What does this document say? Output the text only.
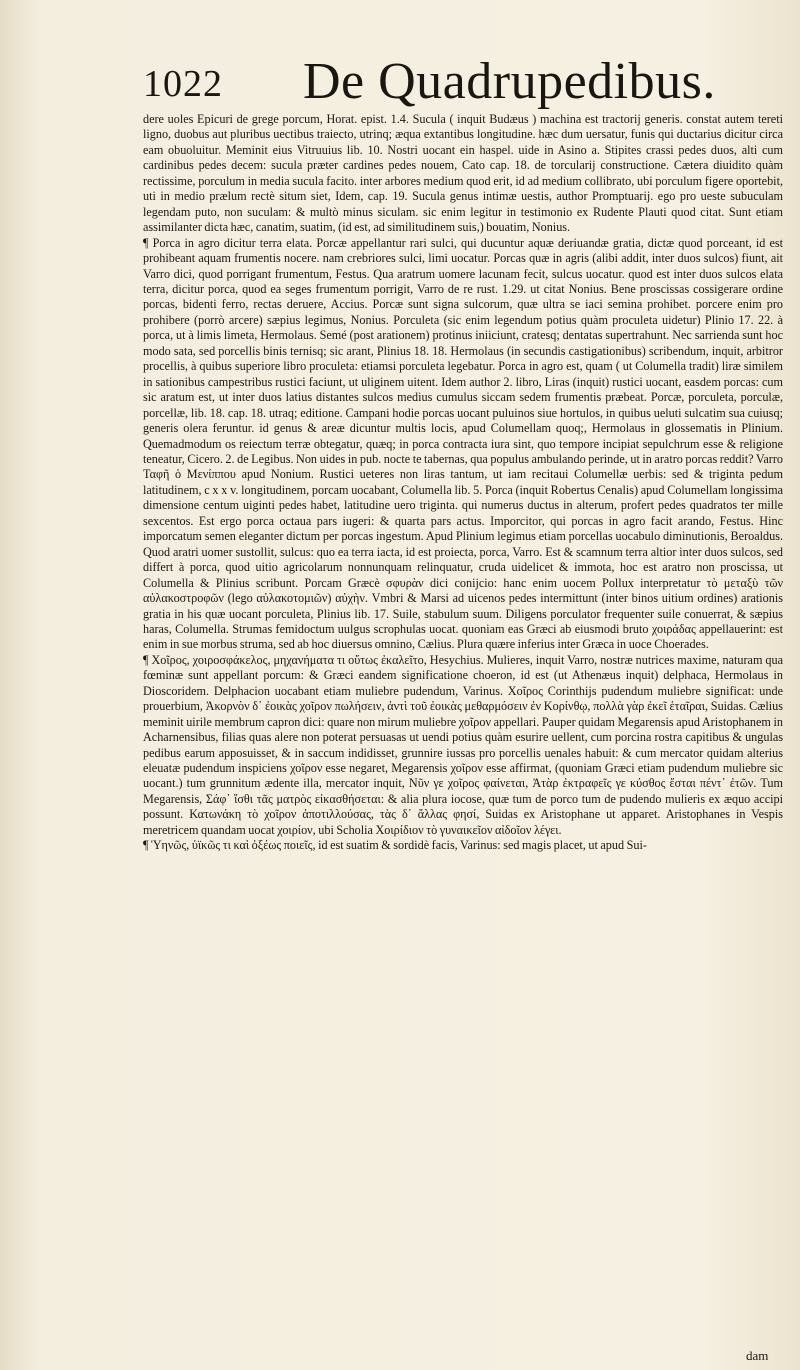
1022 De Quadrupedibus.

dere uoles Epicuri de grege porcum, Horat. epist. 1.4. Sucula ( inquit Budæus ) machina est tractorij generis. constat autem tereti ligno, duobus aut pluribus uectibus traiecto, utrinq; æqua extantibus longitudine. hæc dum uersatur, funis qui ductarius dicitur circa eam obuoluitur. Meminit eius Vitruuius lib. 10. Nostri uocant ein haspel. uide in Asino a. Stipites crassi pedes duos, alti cum cardinibus pedes decem: sucula præter cardines pedes nouem, Cato cap. 18. de torcularij constructione. Cætera diuidito quàm rectissime, porculum in media sucula facito. inter arbores medium quod erit, id ad medium collibrato, ubi porculum figere oportebit, uti in medio prælum rectè situm siet, Idem, cap. 19. Sucula genus intimæ uestis, author Promptuarij. ego pro ueste subuculam legendam puto, non suculam: & multò minus siculam. sic enim legitur in testimonio ex Rudente Plauti quod citat. Sunt etiam assimilanter dicta hæc, canatim, suatim, (id est, ad similitudinem suis,) bouatim, Nonius.

¶ Porca in agro dicitur terra elata. Porcæ appellantur rari sulci, qui ducuntur aquæ deriuandæ gratia, dictæ quod porceant, id est prohibeant aquam frumentis nocere. nam crebriores sulci, limi uocatur. Porcas quæ in agris (alibi addit, inter duos sulcos) fiunt, ait Varro dici, quod porrigant frumentum, Festus. Qua aratrum uomere lacunam fecit, sulcus uocatur. quod est inter duos sulcos elata terra, dicitur porca, quod ea seges frumentum porrigit, Varro de re rust. 1.29. ut citat Nonius. Bene proscissas cossigerare ordine porcas, bidenti ferro, rectas deruere, Accius. Porcæ sunt signa sulcorum, quæ ultra se iaci semina prohibet. porcere enim pro prohibere (porrò arcere) sæpius legimus, Nonius. Porculeta (sic enim legendum potius quàm proculeta uidetur) Plinio 17. 22. à porca, ut à limis limeta, Hermolaus. Semé (post arationem) protinus iniiciunt, cratesq; dentatas supertrahunt. Nec sarrienda sunt hoc modo sata, sed porcellis binis ternisq; sic arant, Plinius 18. 18. Hermolaus (in secundis castigationibus) scribendum, inquit, arbitror procellis, à quibus superiore libro proculeta: etiamsi porculeta legebatur. Porca in agro est, quam ( ut Columella tradit) liræ similem in sationibus campestribus rustici faciunt, ut uliginem uitent. Idem author 2. libro, Liras (inquit) rustici uocant, easdem porcas: cum sic aratum est, ut inter duos latius distantes sulcos medius cumulus siccam sedem frumentis præbeat. Porcæ, porculeta, porculæ, porcellæ, lib. 18. cap. 18. utraq; editione. Campani hodie porcas uocant puluinos siue hortulos, in quibus ueluti sulcatim sua cuiusq; generis olera feruntur. id genus & areæ dicuntur multis locis, apud Columellam quoq;, Hermolaus in glossematis in Plinium. Quemadmodum os reiectum terræ obtegatur, quæq; in porca contracta iura sint, quo tempore incipiat sepulchrum esse & religione teneatur, Cicero. 2. de Legibus. Non uides in pub. nocte te tabernas, qua populus ambulando perinde, ut in aratro porcas reddit? Varro Ταφῆ ὁ Μενίππου apud Nonium. Rustici ueteres non liras tantum, ut iam recitaui Columellæ uerbis: sed & triginta pedum latitudinem, c x x v. longitudinem, porcam uocabant, Columella lib. 5. Porca (inquit Robertus Cenalis) apud Columellam longissima dimensione centum uiginti pedes habet, latitudine uero triginta. qui numerus ductus in alterum, profert pedes quadratos ter mille sexcentos. Est ergo porca octaua pars iugeri: & quarta pars actus. Imporcitor, qui porcas in agro facit arando, Festus. Hinc imporcatum semen eleganter dictum per porcas ingestum. Apud Plinium legimus etiam porcellas uocabulo diminutionis, Beroaldus. Quod aratri uomer sustollit, sulcus: quo ea terra iacta, id est proiecta, porca, Varro. Est & scamnum terra altior inter duos sulcos, sed differt à porca, quod uitio agricolarum nonnunquam relinquatur, cruda uidelicet & immota, hoc est aratro non proscissa, ut Columella & Plinius scribunt. Porcam Græcè σφυρὰν dici conijcio: hanc enim uocem Pollux interpretatur τὸ μεταξὺ τῶν αὐλακοστροφῶν (lego αὐλακοτομιῶν) αὐχὴν. Vmbri & Marsi ad uicenos pedes intermittunt (inter binos uitium ordines) arationis gratia in his quæ uocant porculeta, Plinius lib. 17. Suile, stabulum suum. Diligens porculator frequenter suile conuerrat, & sæpius haras, Columella. Strumas femidoctum uulgus scrophulas uocat. quoniam eas Græci ab eiusmodi bruto χοιράδας appellauerint: est enim in sue morbus struma, sed ab hoc diuersus omnino, Cælius. Plura quære inferius inter Græca in uoce Choerades.

¶ Χοῖρος, χοιροσφάκελος, μηχανήματα τι οὕτως ἐκαλεῖτο, Hesychius. Mulieres, inquit Varro, nostræ nutrices maxime, naturam qua fœminæ sunt appellant porcum: & Græci eandem significatione choeron, id est (ut Athenæus inquit) delphaca, Hermolaus in Dioscoridem. Delphacion uocabant etiam muliebre pudendum, Varinus. Χοῖρος Corinthijs pudendum muliebre significat: unde prouerbium, Ἀκορνὸν δ᾽ ἐοικὰς χοῖρον πωλήσειν, ἀντὶ τοῦ ἐοικὰς μεθαρμόσειν ἐν Κορίνθῳ, πολλὰ γὰρ ἐκεῖ ἑταῖραι, Suidas. Cælius meminit uirile membrum capron dici: quare non mirum muliebre χοῖρον appellari. Pauper quidam Megarensis apud Aristophanem in Acharnensibus, filias quas alere non poterat persuasas ut uendi potius quàm esurire uellent, cum porcina rostra capitibus & ungulas pedibus earum apposuisset, & in saccum indidisset, grunnire iussas pro porcellis uenales habuit: & cum mercator quidam alterius eleuatæ pudendum inspiciens χοῖρον esse negaret, Megarensis χοῖρον esse affirmat, (quoniam Græci etiam pudendum muliebre sic uocant.) tum grunnitum ædente illa, mercator inquit, Νῦν γε χοῖρος φαίνεται, Ἀτὰρ ἐκτραφεῖς γε κύσθος ἔσται πέντ᾽ ἐτῶν. Tum Megarensis, Σάφ᾽ ἴσθι τᾶς ματρὸς εἰκασθήσεται: & alia plura iocose, quæ tum de porco tum de pudendo mulieris ex æquo accipi possunt. Κατωνάκη τὸ χοῖρον ἀποτιλλούσας, τὰς δ᾽ ἄλλας φησί, Suidas ex Aristophane ut apparet. Aristophanes in Vespis meretricem quandam uocat χοιρίον, ubi Scholia Χοιρίδιον τὸ γυναικεῖον αἰδοῖον λέγει.

¶ Ὑηνῶς, ὑϊκῶς τι καὶ ὀξέως ποιεῖς, id est suatim & sordidè facis, Varinus: sed magis placet, ut apud Sui-

dam
